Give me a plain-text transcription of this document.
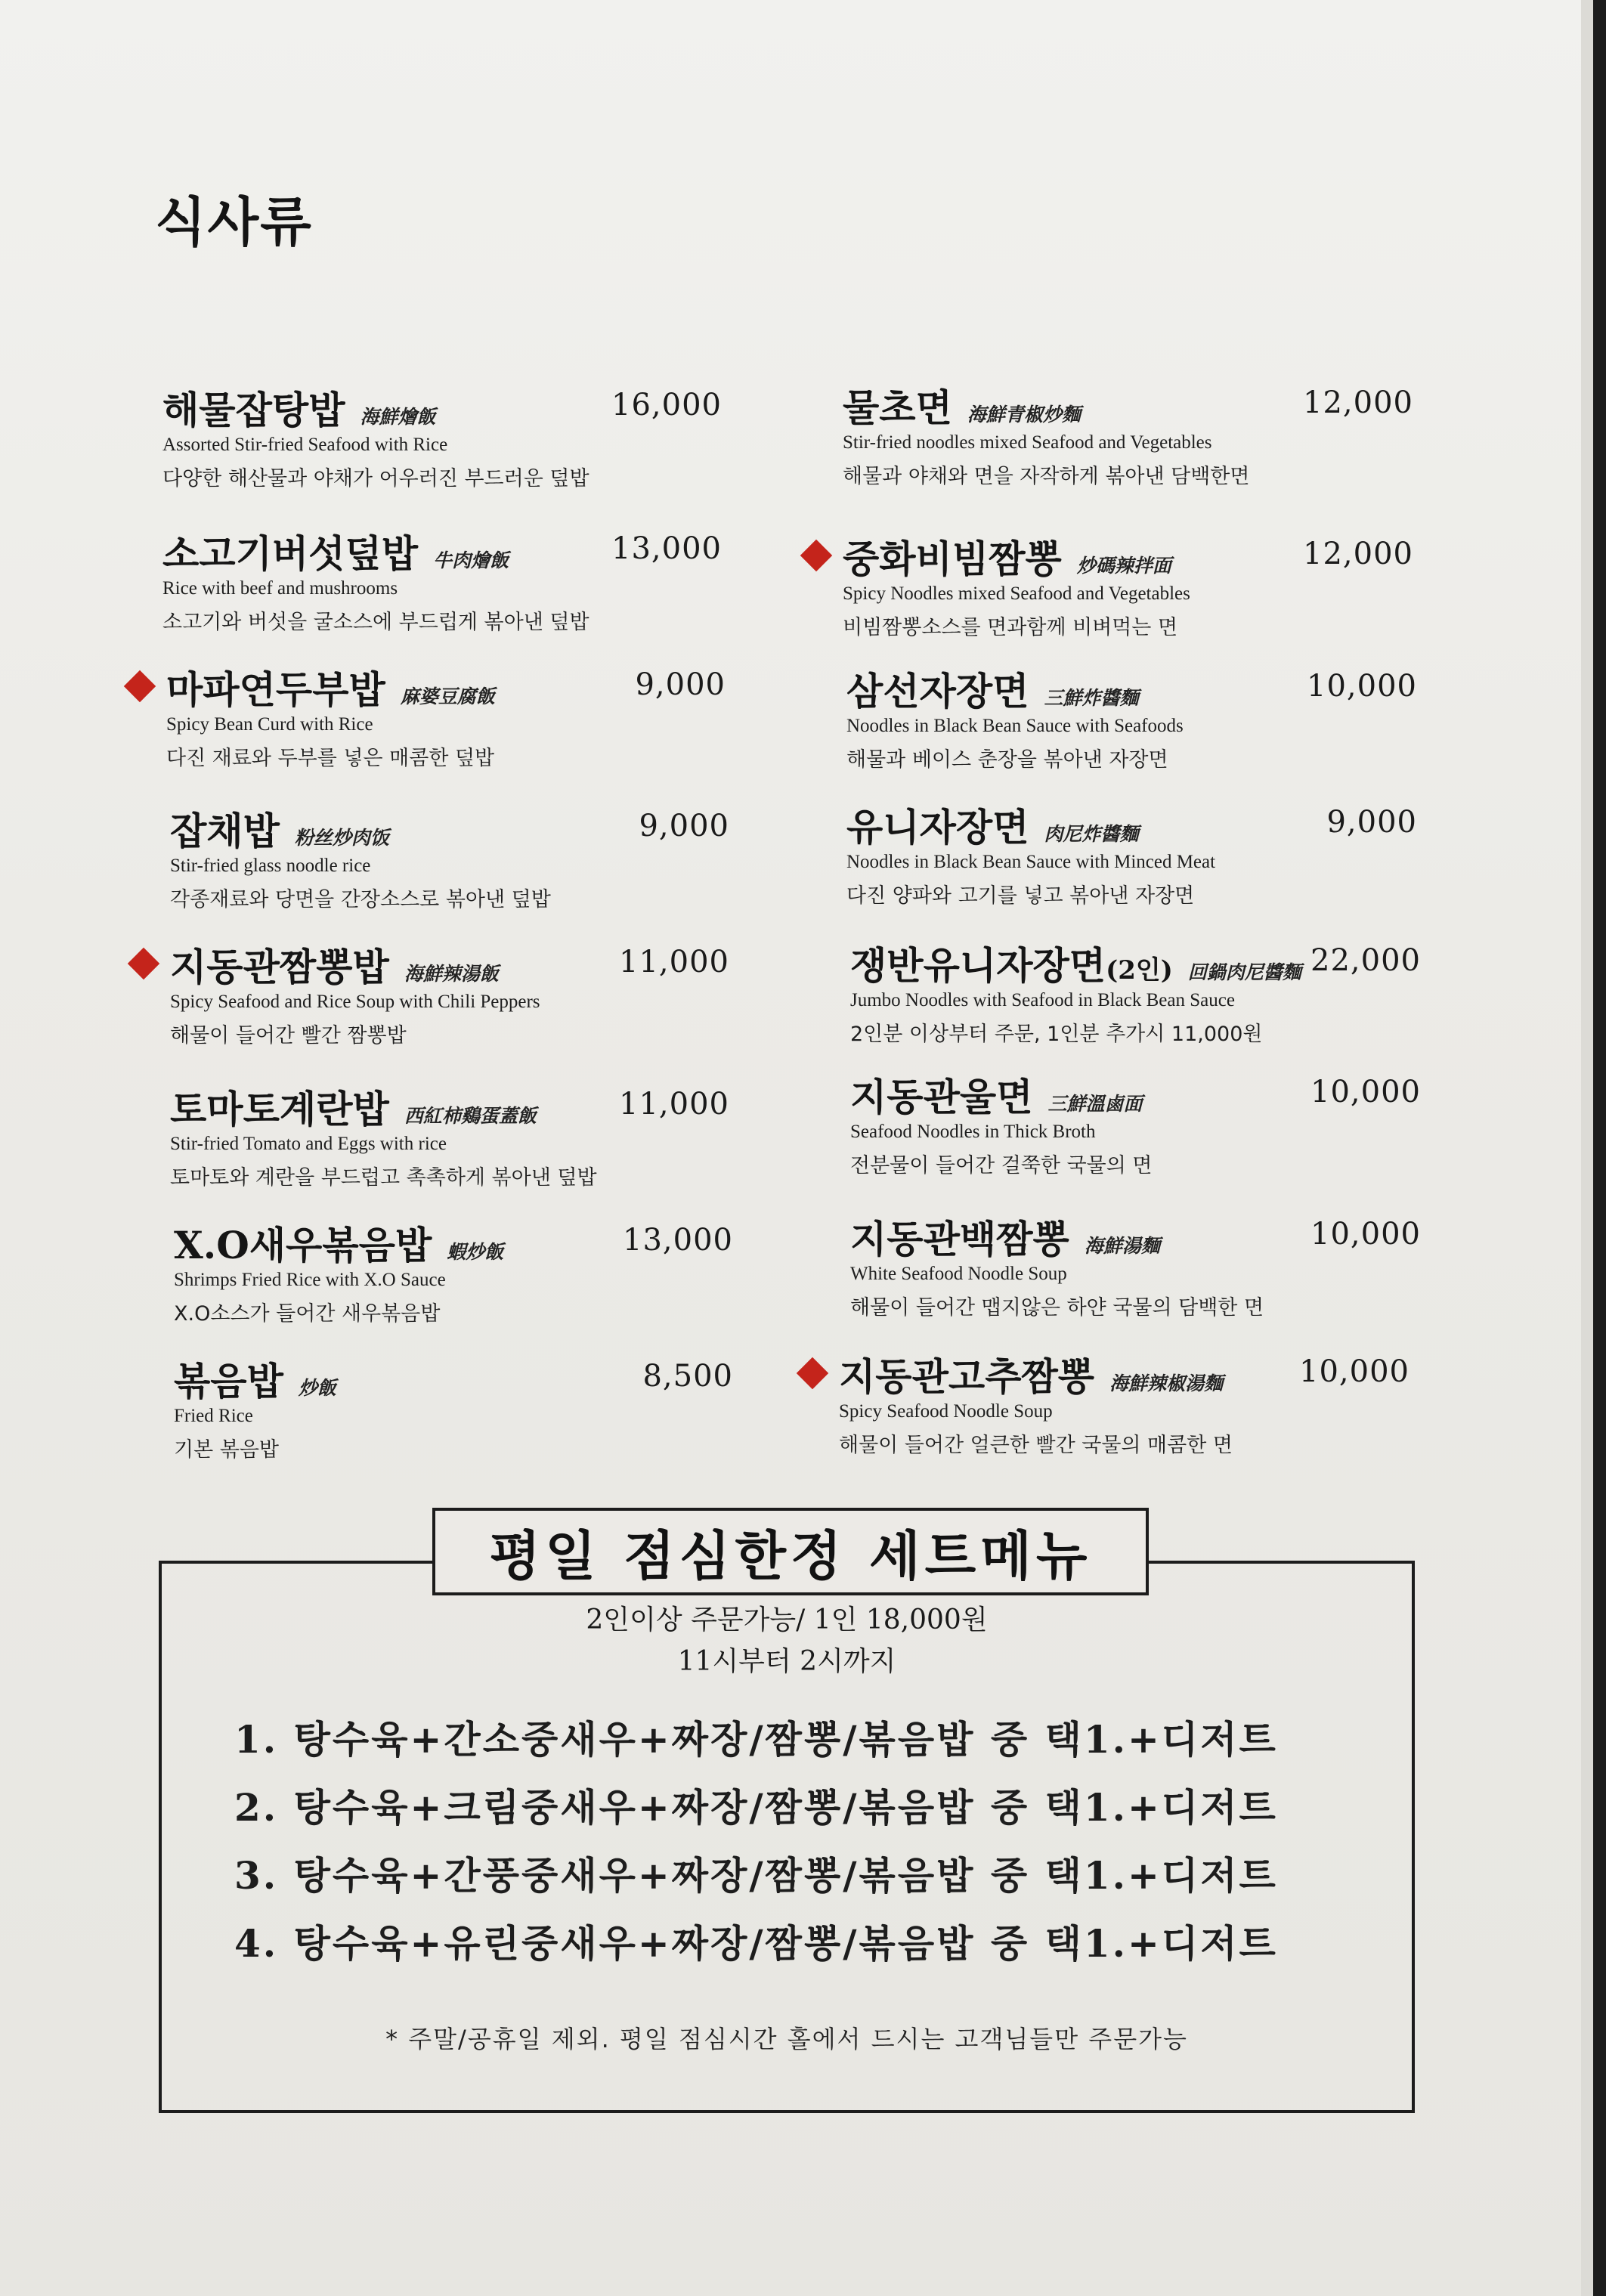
식사류
해물잡탕밥 海鮮燴飯	16,000
Assorted Stir-fried Seafood with Rice
다양한 해산물과 야채가 어우러진 부드러운 덮밥
소고기버섯덮밥 牛肉燴飯	13,000
Rice with beef and mushrooms
소고기와 버섯을 굴소스에 부드럽게 볶아낸 덮밥
마파연두부밥 麻婆豆腐飯	9,000
Spicy Bean Curd with Rice
다진 재료와 두부를 넣은 매콤한 덮밥
잡채밥 粉丝炒肉饭	9,000
Stir-fried glass noodle rice
각종재료와 당면을 간장소스로 볶아낸 덮밥
지동관짬뽕밥 海鮮辣湯飯	11,000
Spicy Seafood and Rice Soup with Chili Peppers
해물이 들어간 빨간 짬뽕밥
토마토계란밥 西紅柿鷄蛋蓋飯	11,000
Stir-fried Tomato and Eggs with rice
토마토와 계란을 부드럽고 촉촉하게 볶아낸 덮밥
X.O새우볶음밥 蝦炒飯	13,000
Shrimps Fried Rice with X.O Sauce
X.O소스가 들어간 새우볶음밥
볶음밥 炒飯	8,500
Fried Rice
기본 볶음밥
물초면 海鮮青椒炒麵	12,000
Stir-fried noodles mixed Seafood and Vegetables
해물과 야채와 면을 자작하게 볶아낸 담백한면
중화비빔짬뽕 炒碼辣拌面	12,000
Spicy Noodles mixed Seafood and Vegetables
비빔짬뽕소스를 면과함께 비벼먹는 면
삼선자장면 三鮮炸醬麵	10,000
Noodles in Black Bean Sauce with Seafoods
해물과 베이스 춘장을 볶아낸 자장면
유니자장면 肉尼炸醬麵	9,000
Noodles in Black Bean Sauce with Minced Meat
다진 양파와 고기를 넣고 볶아낸 자장면
쟁반유니자장면(2인) 回鍋肉尼醬麵 22,000
Jumbo Noodles with Seafood in Black Bean Sauce
2인분 이상부터 주문, 1인분 추가시 11,000원
지동관울면 三鮮溫鹵面	10,000
Seafood Noodles in Thick Broth
전분물이 들어간 걸쭉한 국물의 면
지동관백짬뽕 海鮮湯麵	10,000
White Seafood Noodle Soup
해물이 들어간 맵지않은 하얀 국물의 담백한 면
지동관고추짬뽕 海鮮辣椒湯麵	10,000
Spicy Seafood Noodle Soup
해물이 들어간 얼큰한 빨간 국물의 매콤한 면
평일 점심한정 세트메뉴
2인이상 주문가능/ 1인 18,000원
11시부터 2시까지
1. 탕수육+간소중새우+짜장/짬뽕/볶음밥 중 택1.+디저트
2. 탕수육+크림중새우+짜장/짬뽕/볶음밥 중 택1.+디저트
3. 탕수육+간풍중새우+짜장/짬뽕/볶음밥 중 택1.+디저트
4. 탕수육+유린중새우+짜장/짬뽕/볶음밥 중 택1.+디저트
* 주말/공휴일 제외. 평일 점심시간 홀에서 드시는 고객님들만 주문가능
